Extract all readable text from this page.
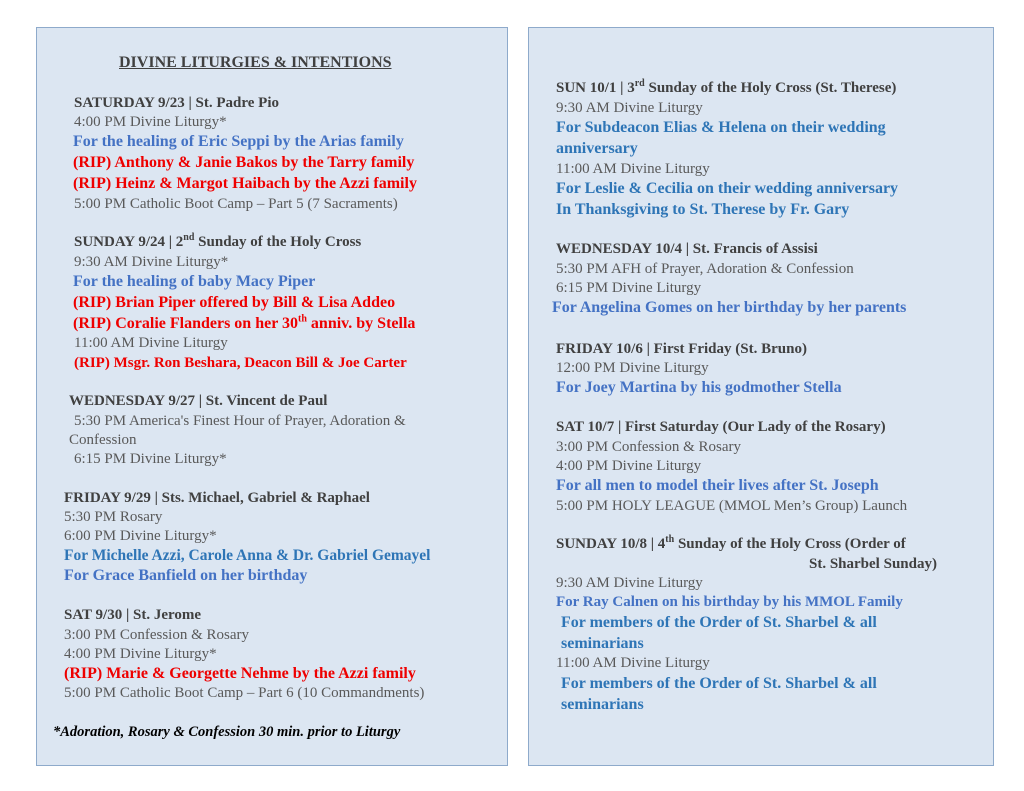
DIVINE LITURGIES & INTENTIONS
SATURDAY 9/23 | St. Padre Pio
4:00 PM Divine Liturgy*
For the healing of Eric Seppi by the Arias family
(RIP) Anthony & Janie Bakos by the Tarry family
(RIP) Heinz & Margot Haibach by the Azzi family
5:00 PM Catholic Boot Camp – Part 5 (7 Sacraments)
SUNDAY 9/24 | 2nd Sunday of the Holy Cross
9:30 AM Divine Liturgy*
For the healing of baby Macy Piper
(RIP) Brian Piper offered by Bill & Lisa Addeo
(RIP) Coralie Flanders on her 30th anniv. by Stella
11:00 AM Divine Liturgy
(RIP) Msgr. Ron Beshara, Deacon Bill & Joe Carter
WEDNESDAY 9/27 | St. Vincent de Paul
5:30 PM America's Finest Hour of Prayer, Adoration &
Confession
6:15 PM Divine Liturgy*
FRIDAY 9/29 | Sts. Michael, Gabriel & Raphael
5:30 PM Rosary
6:00 PM Divine Liturgy*
For Michelle Azzi, Carole Anna & Dr. Gabriel Gemayel
For Grace Banfield on her birthday
SAT 9/30 | St. Jerome
3:00 PM Confession & Rosary
4:00 PM Divine Liturgy*
(RIP) Marie & Georgette Nehme by the Azzi family
5:00 PM Catholic Boot Camp – Part 6 (10 Commandments)
*Adoration, Rosary & Confession 30 min. prior to Liturgy
SUN 10/1 | 3rd Sunday of the Holy Cross (St. Therese)
9:30 AM Divine Liturgy
For Subdeacon Elias & Helena on their wedding
anniversary
11:00 AM Divine Liturgy
For Leslie & Cecilia on their wedding anniversary
In Thanksgiving to St. Therese by Fr. Gary
WEDNESDAY 10/4 | St. Francis of Assisi
5:30 PM AFH of Prayer, Adoration & Confession
6:15 PM Divine Liturgy
For Angelina Gomes on her birthday by her parents
FRIDAY 10/6 | First Friday (St. Bruno)
12:00 PM Divine Liturgy
For Joey Martina by his godmother Stella
SAT 10/7 | First Saturday (Our Lady of the Rosary)
3:00 PM Confession & Rosary
4:00 PM Divine Liturgy
For all men to model their lives after St. Joseph
5:00 PM HOLY LEAGUE (MMOL Men’s Group) Launch
SUNDAY 10/8 | 4th Sunday of the Holy Cross (Order of
St. Sharbel Sunday)
9:30 AM Divine Liturgy
For Ray Calnen on his birthday by his MMOL Family
For members of the Order of St. Sharbel & all
seminarians
11:00 AM Divine Liturgy
For members of the Order of St. Sharbel & all
seminarians
